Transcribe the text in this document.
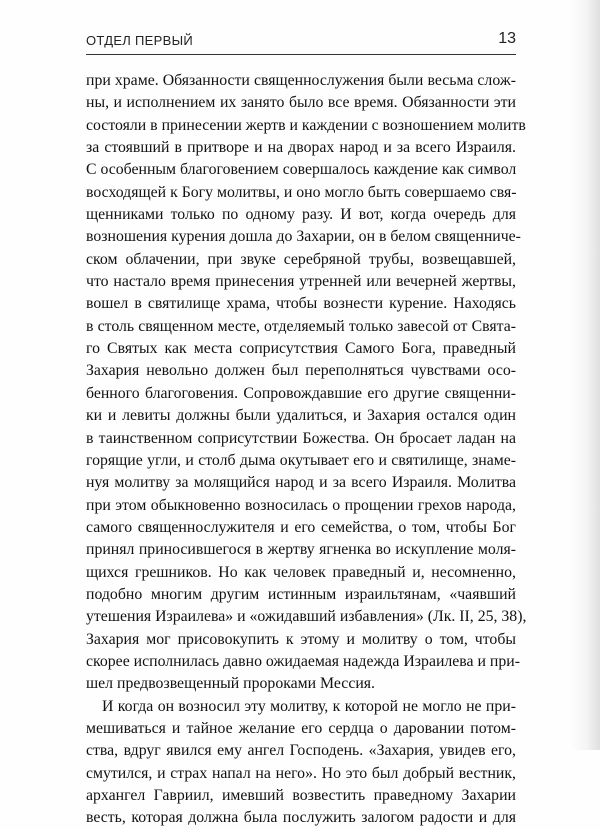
ОТДЕЛ ПЕРВЫЙ	13

при храме. Обязанности священнослужения были весьма слож-
ны, и исполнением их занято было все время. Обязанности эти
состояли в принесении жертв и каждении с возношением молитв
за стоявший в притворе и на дворах народ и за всего Израиля.
С особенным благоговением совершалось каждение как символ
восходящей к Богу молитвы, и оно могло быть совершаемо свя-
щенниками только по одному разу. И вот, когда очередь для
возношения курения дошла до Захарии, он в белом священниче-
ском облачении, при звуке серебряной трубы, возвещавшей,
что настало время принесения утренней или вечерней жертвы,
вошел в святилище храма, чтобы вознести курение. Находясь
в столь священном месте, отделяемый только завесой от Свята-
го Святых как места соприсутствия Самого Бога, праведный
Захария невольно должен был переполняться чувствами осо-
бенного благоговения. Сопровождавшие его другие священни-
ки и левиты должны были удалиться, и Захария остался один
в таинственном соприсутствии Божества. Он бросает ладан на
горящие угли, и столб дыма окутывает его и святилище, знаме-
нуя молитву за молящийся народ и за всего Израиля. Молитва
при этом обыкновенно возносилась о прощении грехов народа,
самого священнослужителя и его семейства, о том, чтобы Бог
принял приносившегося в жертву ягненка во искупление моля-
щихся грешников. Но как человек праведный и, несомненно,
подобно многим другим истинным израильтянам, «чаявший
утешения Израилева» и «ожидавший избавления» (Лк. II, 25, 38),
Захария мог присовокупить к этому и молитву о том, чтобы
скорее исполнилась давно ожидаемая надежда Израилева и при-
шел предвозвещенный пророками Мессия.

И когда он возносил эту молитву, к которой не могло не при-
мешиваться и тайное желание его сердца о даровании потом-
ства, вдруг явился ему ангел Господень. «Захария, увидев его,
смутился, и страх напал на него». Но это был добрый вестник,
архангел Гавриил, имевший возвестить праведному Захарии
весть, которая должна была послужить залогом радости и для
